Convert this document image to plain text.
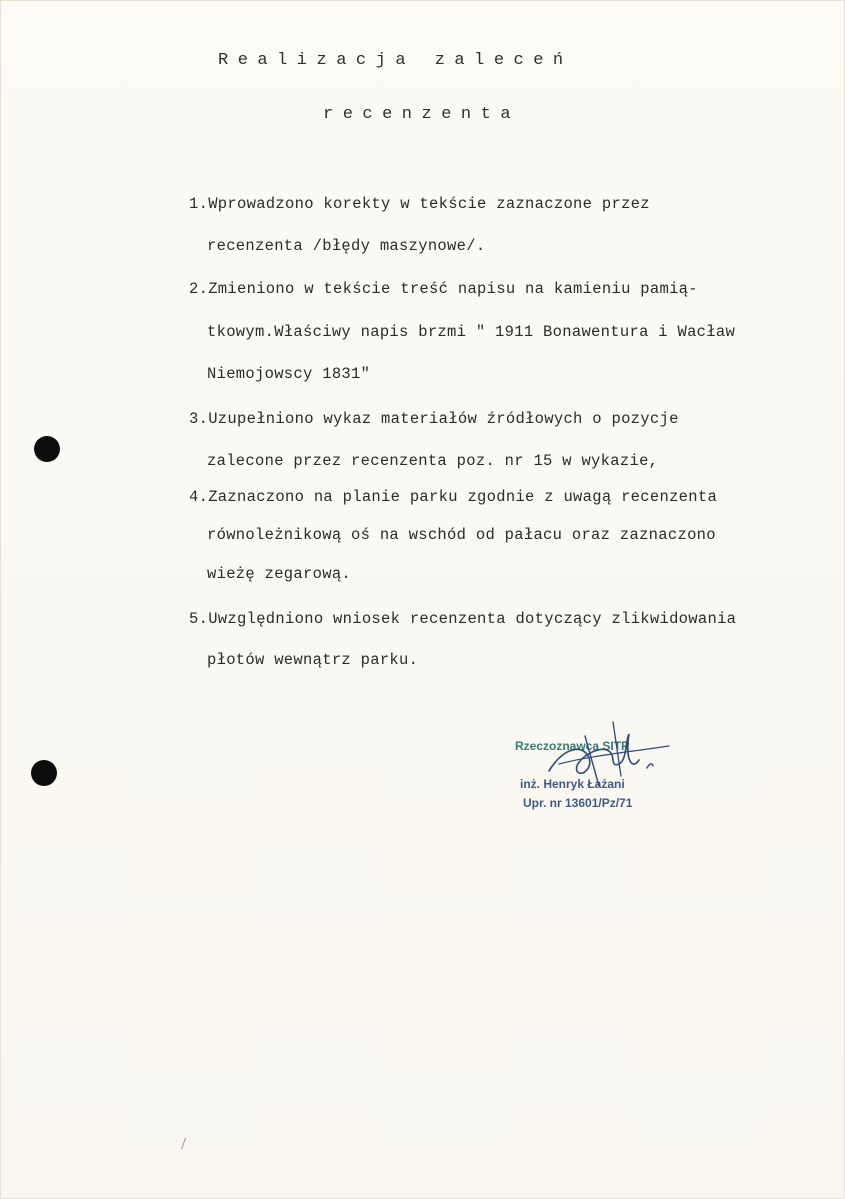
Realizacja zaleceń
recenzenta
1.Wprowadzono korekty w tekście zaznaczone przez
recenzenta /błędy maszynowe/.
2.Zmieniono w tekście treść napisu na kamieniu pamią-
tkowym.Właściwy napis brzmi " 1911 Bonawentura i Wacław
Niemojowscy 1831"
3.Uzupełniono wykaz materiałów źródłowych o pozycje
zalecone przez recenzenta poz. nr 15 w wykazie,
4.Zaznaczono na planie parku zgodnie z uwagą recenzenta
równoleżnikową oś na wschód od pałacu oraz zaznaczono
wieżę zegarową.
5.Uwzględniono wniosek recenzenta dotyczący zlikwidowania
płotów wewnątrz parku.
Rzeczoznawca SITR
inż. Henryk Łażani
Upr. nr 13601/Pz/71
